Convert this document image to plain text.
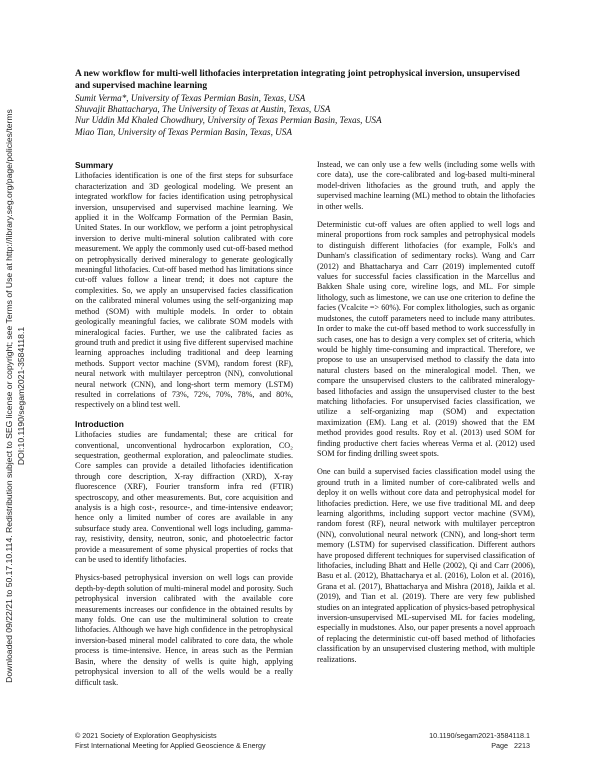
Downloaded 09/22/21 to 50.17.10.114. Redistribution subject to SEG license or copyright; see Terms of Use at http://library.seg.org/page/policies/terms DOI:10.1190/segam2021-3584118.1

A new workflow for multi-well lithofacies interpretation integrating joint petrophysical inversion, unsupervised and supervised machine learning

Sumit Verma*, University of Texas Permian Basin, Texas, USA

Shuvajit Bhattacharya, The University of Texas at Austin, Texas, USA

Nur Uddin Md Khaled Chowdhury, University of Texas Permian Basin, Texas, USA

Miao Tian, University of Texas Permian Basin, Texas, USA

Summary

Lithofacies identification is one of the first steps for subsurface characterization and 3D geological modeling. We present an integrated workflow for facies identification using petrophysical inversion, unsupervised and supervised machine learning. We applied it in the Wolfcamp Formation of the Permian Basin, United States. In our workflow, we perform a joint petrophysical inversion to derive multi-mineral solution calibrated with core measurement. We apply the commonly used cut-off-based method on petrophysically derived mineralogy to generate geologically meaningful lithofacies. Cut-off based method has limitations since cut-off values follow a linear trend; it does not capture the complexities. So, we apply an unsupervised facies classification on the calibrated mineral volumes using the self-organizing map method (SOM) with multiple models. In order to obtain geologically meaningful facies, we calibrate SOM models with mineralogical facies. Further, we use the calibrated facies as ground truth and predict it using five different supervised machine learning approaches including traditional and deep learning methods. Support vector machine (SVM), random forest (RF), neural network with multilayer perceptron (NN), convolutional neural network (CNN), and long-short term memory (LSTM) resulted in correlations of 73%, 72%, 70%, 78%, and 80%, respectively on a blind test well.

Introduction

Lithofacies studies are fundamental; these are critical for conventional, unconventional hydrocarbon exploration, CO₂ sequestration, geothermal exploration, and paleoclimate studies. Core samples can provide a detailed lithofacies identification through core description, X-ray diffraction (XRD), X-ray fluorescence (XRF), Fourier transform infra red (FTIR) spectroscopy, and other measurements. But, core acquisition and analysis is a high cost-, resource-, and time-intensive endeavor; hence only a limited number of cores are available in any subsurface study area. Conventional well logs including, gamma-ray, resistivity, density, neutron, sonic, and photoelectric factor provide a measurement of some physical properties of rocks that can be used to identify lithofacies.

Physics-based petrophysical inversion on well logs can provide depth-by-depth solution of multi-mineral model and porosity. Such petrophysical inversion calibrated with the available core measurements increases our confidence in the obtained results by many folds. One can use the multimineral solution to create lithofacies. Although we have high confidence in the petrophysical inversion-based mineral model calibrated to core data, the whole process is time-intensive. Hence, in areas such as the Permian Basin, where the density of wells is quite high, applying petrophysical inversion to all of the wells would be a really difficult task.

Instead, we can only use a few wells (including some wells with core data), use the core-calibrated and log-based multi-mineral model-driven lithofacies as the ground truth, and apply the supervised machine learning (ML) method to obtain the lithofacies in other wells.

Deterministic cut-off values are often applied to well logs and mineral proportions from rock samples and petrophysical models to distinguish different lithofacies (for example, Folk's and Dunham's classification of sedimentary rocks). Wang and Carr (2012) and Bhattacharya and Carr (2019) implemented cutoff values for successful facies classification in the Marcellus and Bakken Shale using core, wireline logs, and ML. For simple lithology, such as limestone, we can use one criterion to define the facies (Vcalcite => 60%). For complex lithologies, such as organic mudstones, the cutoff parameters need to include many attributes. In order to make the cut-off based method to work successfully in such cases, one has to design a very complex set of criteria, which would be highly time-consuming and impractical. Therefore, we propose to use an unsupervised method to classify the data into natural clusters based on the mineralogical model. Then, we compare the unsupervised clusters to the calibrated mineralogy-based lithofacies and assign the unsupervised cluster to the best matching lithofacies. For unsupervised facies classification, we utilize a self-organizing map (SOM) and expectation maximization (EM). Lang et al. (2019) showed that the EM method provides good results. Roy et al. (2013) used SOM for finding productive chert facies whereas Verma et al. (2012) used SOM for finding drilling sweet spots.

One can build a supervised facies classification model using the ground truth in a limited number of core-calibrated wells and deploy it on wells without core data and petrophysical model for lithofacies prediction. Here, we use five traditional ML and deep learning algorithms, including support vector machine (SVM), random forest (RF), neural network with multilayer perceptron (NN), convolutional neural network (CNN), and long-short term memory (LSTM) for supervised classification. Different authors have proposed different techniques for supervised classification of lithofacies, including Bhatt and Helle (2002), Qi and Carr (2006), Basu et al. (2012), Bhattacharya et al. (2016), Lolon et al. (2016), Grana et al. (2017), Bhattacharya and Mishra (2018), Jaikla et al. (2019), and Tian et al. (2019). There are very few published studies on an integrated application of physics-based petrophysical inversion-unsupervised ML-supervised ML for facies modeling, especially in mudstones. Also, our paper presents a novel approach of replacing the deterministic cut-off based method of lithofacies classification by an unsupervised clustering method, with multiple realizations.

© 2021 Society of Exploration Geophysicists
First International Meeting for Applied Geoscience & Energy
10.1190/segam2021-3584118.1
Page   2213
